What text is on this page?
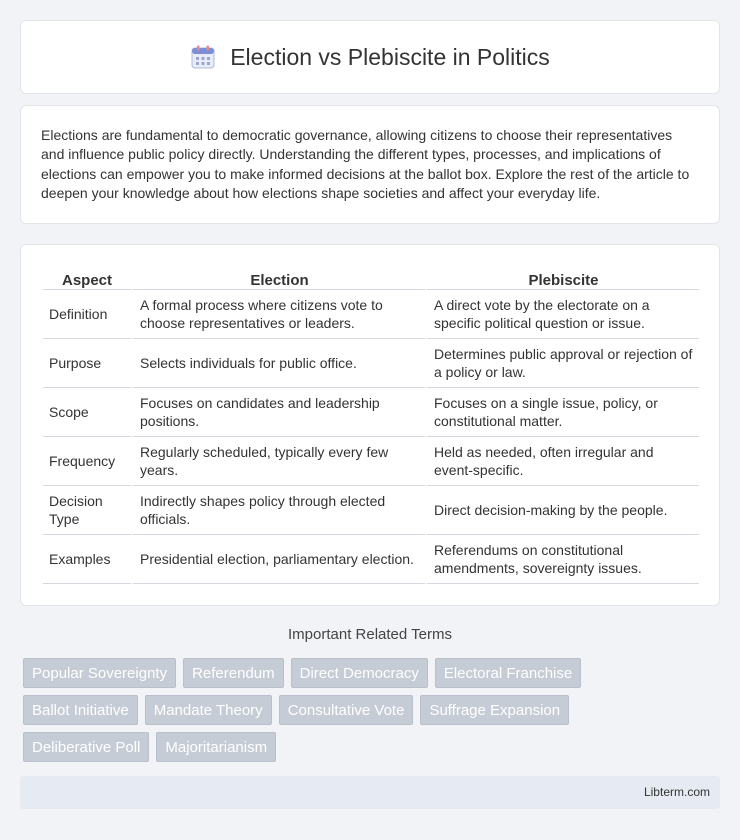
Election vs Plebiscite in Politics

Elections are fundamental to democratic governance, allowing citizens to choose their representatives and influence public policy directly. Understanding the different types, processes, and implications of elections can empower you to make informed decisions at the ballot box. Explore the rest of the article to deepen your knowledge about how elections shape societies and affect your everyday life.

Aspect	Election	Plebiscite
Definition	A formal process where citizens vote to choose representatives or leaders.	A direct vote by the electorate on a specific political question or issue.
Purpose	Selects individuals for public office.	Determines public approval or rejection of a policy or law.
Scope	Focuses on candidates and leadership positions.	Focuses on a single issue, policy, or constitutional matter.
Frequency	Regularly scheduled, typically every few years.	Held as needed, often irregular and event-specific.
Decision Type	Indirectly shapes policy through elected officials.	Direct decision-making by the people.
Examples	Presidential election, parliamentary election.	Referendums on constitutional amendments, sovereignty issues.
Important Related Terms
Popular Sovereignty	Referendum	Direct Democracy	Electoral Franchise
Ballot Initiative	Mandate Theory	Consultative Vote	Suffrage Expansion
Deliberative Poll	Majoritarianism
Libterm.com
